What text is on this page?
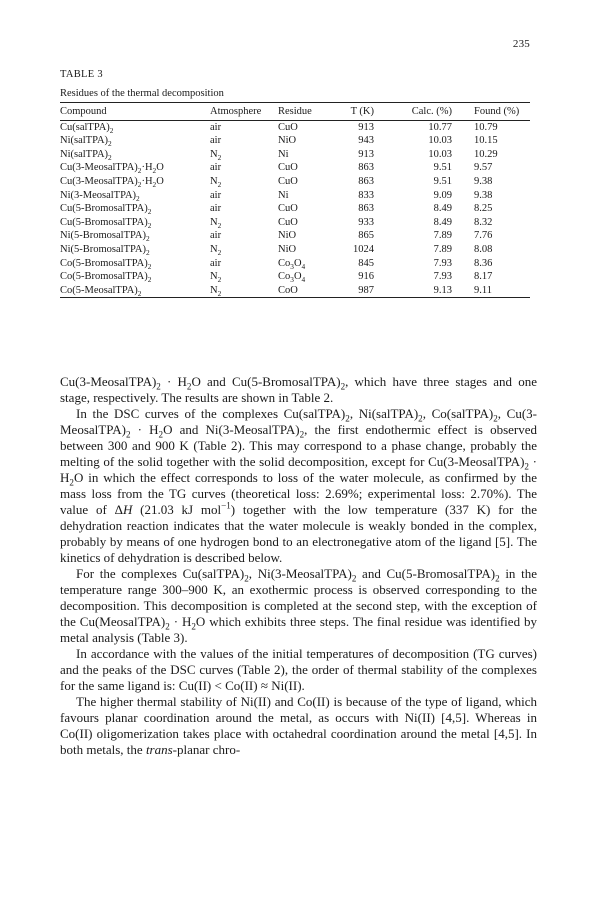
235
TABLE 3
Residues of the thermal decomposition
Compound	Atmosphere	Residue	T (K)	Calc. (%)	Found (%)
$Cu(salTPA)_2$	air	CuO	913	10.77	10.79
$Ni(salTPA)_2$	air	NiO	943	10.03	10.15
$Ni(salTPA)_2$	$N_2$	Ni	913	10.03	10.29
$Cu(3-MeosalTPA)_2\cdot H_2O$	air	CuO	863	9.51	9.57
$Cu(3-MeosalTPA)_2\cdot H_2O$	$N_2$	CuO	863	9.51	9.38
$Ni(3-MeosalTPA)_2$	air	Ni	833	9.09	9.38
$Cu(5-BromosalTPA)_2$	air	CuO	863	8.49	8.25
$Cu(5-BromosalTPA)_2$	$N_2$	CuO	933	8.49	8.32
$Ni(5-BromosalTPA)_2$	air	NiO	865	7.89	7.76
$Ni(5-BromosalTPA)_2$	$N_2$	NiO	1024	7.89	8.08
$Co(5-BromosalTPA)_2$	air	$Co_3O_4$	845	7.93	8.36
$Co(5-BromosalTPA)_2$	$N_2$	$Co_3O_4$	916	7.93	8.17
$Co(5-MeosalTPA)_2$	$N_2$	CoO	987	9.13	9.11

$Cu(3-MeosalTPA)_2 \cdot H_2O$ and $Cu(5-BromosalTPA)_2$, which have three stages and one stage, respectively. The results are shown in Table 2.

In the DSC curves of the complexes $Cu(salTPA)_2$, $Ni(salTPA)_2$, $Co(salTPA)_2$, $Cu(3-MeosalTPA)_2 \cdot H_2O$ and $Ni(3-MeosalTPA)_2$, the first endothermic effect is observed between 300 and 900 K (Table 2). This may correspond to a phase change, probably the melting of the solid together with the solid decomposition, except for $Cu(3-MeosalTPA)_2 \cdot H_2O$ in which the effect corresponds to loss of the water molecule, as confirmed by the mass loss from the TG curves (theoretical loss: 2.69%; experimental loss: 2.70%). The value of ΔH (21.03 kJ mol$^{-1}$) together with the low temperature (337 K) for the dehydration reaction indicates that the water molecule is weakly bonded in the complex, probably by means of one hydrogen bond to an electronegative atom of the ligand [5]. The kinetics of dehydration is described below.

For the complexes $Cu(salTPA)_2$, $Ni(3-MeosalTPA)_2$ and $Cu(5-BromosalTPA)_2$ in the temperature range 300–900 K, an exothermic process is observed corresponding to the decomposition. This decomposition is completed at the second step, with the exception of the $Cu(MeosalTPA)_2 \cdot H_2O$ which exhibits three steps. The final residue was identified by metal analysis (Table 3).

In accordance with the values of the initial temperatures of decomposition (TG curves) and the peaks of the DSC curves (Table 2), the order of thermal stability of the complexes for the same ligand is: Cu(II) < Co(II) ≈ Ni(II).

The higher thermal stability of Ni(II) and Co(II) is because of the type of ligand, which favours planar coordination around the metal, as occurs with Ni(II) [4,5]. Whereas in Co(II) oligomerization takes place with octahedral coordination around the metal [4,5]. In both metals, the trans-planar chro-
